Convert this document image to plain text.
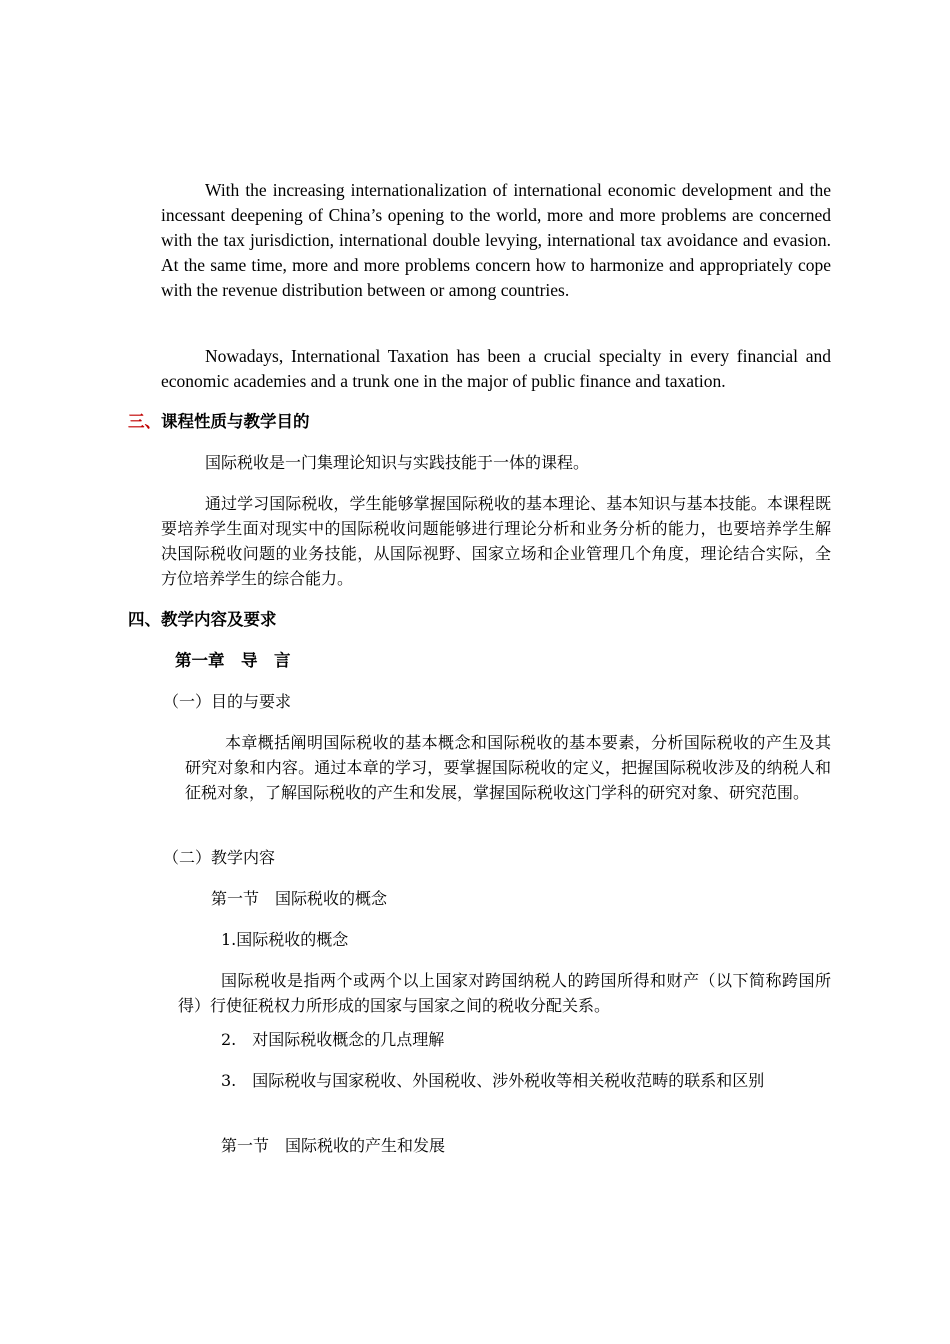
With the increasing internationalization of international economic development and the incessant deepening of China’s opening to the world, more and more problems are concerned with the tax jurisdiction, international double levying, international tax avoidance and evasion. At the same time, more and more problems concern how to harmonize and appropriately cope with the revenue distribution between or among countries.

Nowadays, International Taxation has been a crucial specialty in every financial and economic academies and a trunk one in the major of public finance and taxation.

三、课程性质与教学目的

国际税收是一门集理论知识与实践技能于一体的课程。

通过学习国际税收，学生能够掌握国际税收的基本理论、基本知识与基本技能。本课程既要培养学生面对现实中的国际税收问题能够进行理论分析和业务分析的能力，也要培养学生解决国际税收问题的业务技能，从国际视野、国家立场和企业管理几个角度，理论结合实际，全方位培养学生的综合能力。

四、教学内容及要求
第一章　导　言

（一）目的与要求

本章概括阐明国际税收的基本概念和国际税收的基本要素，分析国际税收的产生及其研究对象和内容。通过本章的学习，要掌握国际税收的定义，把握国际税收涉及的纳税人和征税对象，了解国际税收的产生和发展，掌握国际税收这门学科的研究对象、研究范围。

（二）教学内容

第一节　国际税收的概念

1.国际税收的概念

国际税收是指两个或两个以上国家对跨国纳税人的跨国所得和财产（以下简称跨国所得）行使征税权力所形成的国家与国家之间的税收分配关系。

2.　对国际税收概念的几点理解

3.　国际税收与国家税收、外国税收、涉外税收等相关税收范畴的联系和区别

第一节　国际税收的产生和发展
